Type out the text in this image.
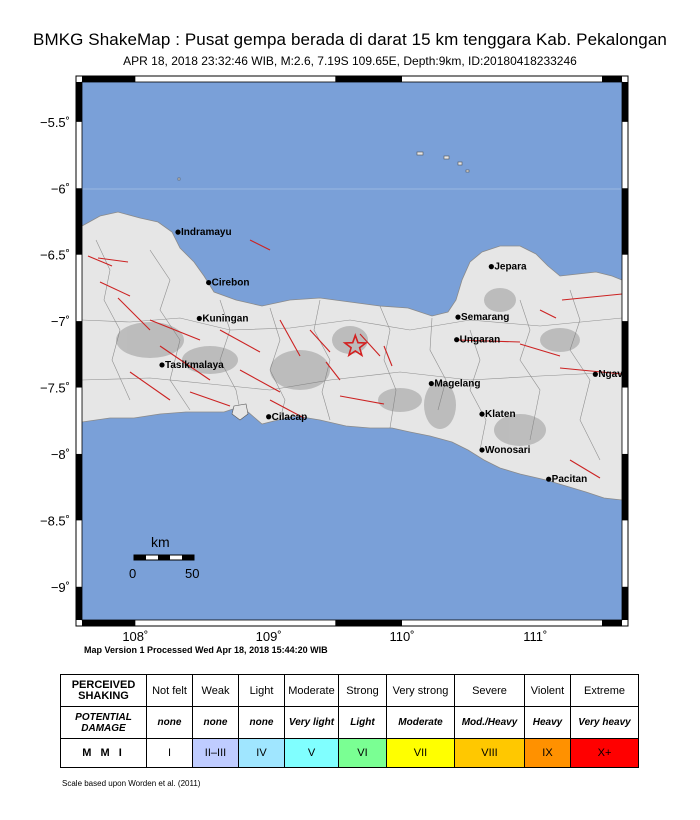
BMKG ShakeMap : Pusat gempa berada di darat 15 km tenggara Kab. Pekalongan
APR 18, 2018 23:32:46 WIB, M:2.6, 7.19S 109.65E, Depth:9km, ID:20180418233246
−5.5˚
−6˚
−6.5˚
−7˚
−7.5˚
−8˚
−8.5˚
−9˚
108˚	109˚	110˚	111˚
Indramayu
Cirebon
Kuningan
Tasikmalaya
Cilacap
Jepara
Semarang
Ungaran
Magelang
Klaten
Wonosari
Pacitan
Ngav
km
0	50
Map Version 1 Processed Wed Apr 18, 2018 15:44:20 WIB
PERCEIVED SHAKING	Not felt	Weak	Light	Moderate	Strong	Very strong	Severe	Violent	Extreme
POTENTIAL DAMAGE	none	none	none	Very light	Light	Moderate	Mod./Heavy	Heavy	Very heavy
M M I	I	II–III	IV	V	VI	VII	VIII	IX	X+
Scale based upon Worden et al. (2011)
